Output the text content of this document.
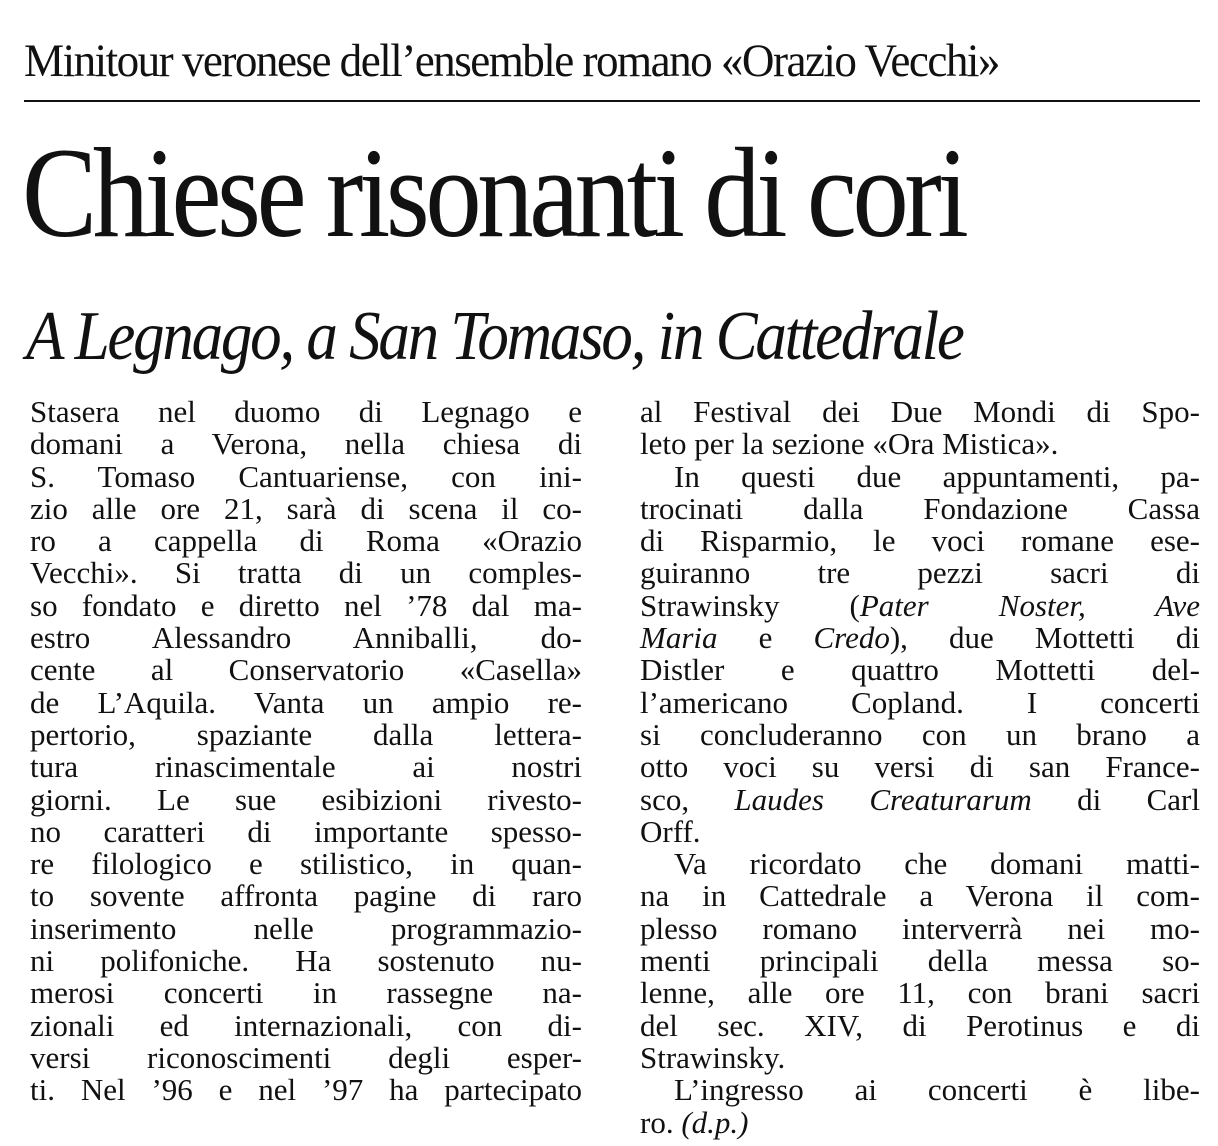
Minitour veronese dell’ensemble romano «Orazio Vecchi»
Chiese risonanti di cori
A Legnago, a San Tomaso, in Cattedrale
Stasera nel duomo di Legnago e
domani a Verona, nella chiesa di
S. Tomaso Cantuariense, con ini-
zio alle ore 21, sarà di scena il co-
ro a cappella di Roma «Orazio
Vecchi». Si tratta di un comples-
so fondato e diretto nel ’78 dal ma-
estro Alessandro Anniballi, do-
cente al Conservatorio «Casella»
de L’Aquila. Vanta un ampio re-
pertorio, spaziante dalla lettera-
tura rinascimentale ai nostri
giorni. Le sue esibizioni rivesto-
no caratteri di importante spesso-
re filologico e stilistico, in quan-
to sovente affronta pagine di raro
inserimento nelle programmazio-
ni polifoniche. Ha sostenuto nu-
merosi concerti in rassegne na-
zionali ed internazionali, con di-
versi riconoscimenti degli esper-
ti. Nel ’96 e nel ’97 ha partecipato
al Festival dei Due Mondi di Spo-
leto per la sezione «Ora Mistica».
In questi due appuntamenti, pa-
trocinati dalla Fondazione Cassa
di Risparmio, le voci romane ese-
guiranno tre pezzi sacri di
Strawinsky (Pater Noster, Ave
Maria e Credo), due Mottetti di
Distler e quattro Mottetti del-
l’americano Copland. I concerti
si concluderanno con un brano a
otto voci su versi di san France-
sco, Laudes Creaturarum di Carl
Orff.
Va ricordato che domani matti-
na in Cattedrale a Verona il com-
plesso romano interverrà nei mo-
menti principali della messa so-
lenne, alle ore 11, con brani sacri
del sec. XIV, di Perotinus e di
Strawinsky.
L’ingresso ai concerti è libe-
ro. (d.p.)
